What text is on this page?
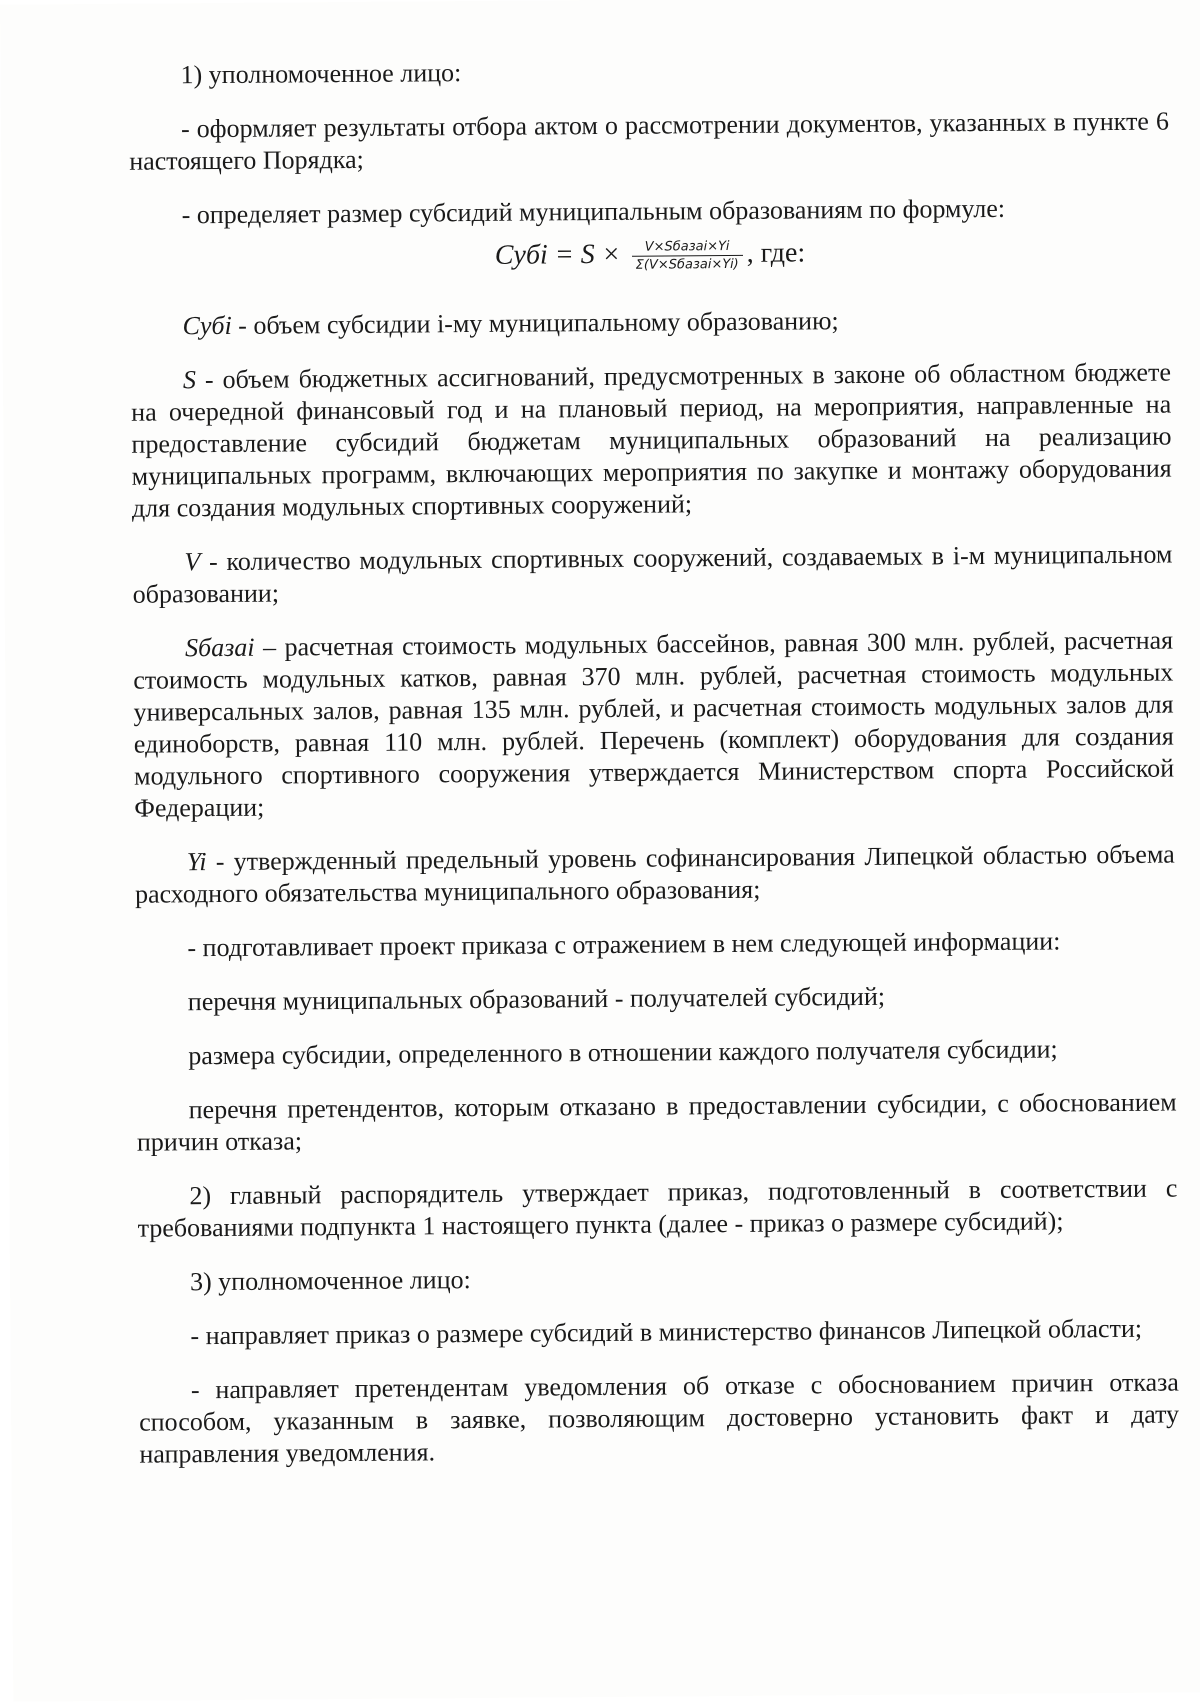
1) уполномоченное лицо:

- оформляет результаты отбора актом о рассмотрении документов, указанных в пункте 6 настоящего Порядка;

- определяет размер субсидий муниципальным образованиям по формуле:

Субi = $S \times \frac{\text{V×Sбазаi×Yi}}{\text{Σ(V×Sбазаi×Yi)}}$ , где:

Субi - объем субсидии i-му муниципальному образованию;

S - объем бюджетных ассигнований, предусмотренных в законе об областном бюджете на очередной финансовый год и на плановый период, на мероприятия, направленные на предоставление субсидий бюджетам муниципальных образований на реализацию муниципальных программ, включающих мероприятия по закупке и монтажу оборудования для создания модульных спортивных сооружений;

V - количество модульных спортивных сооружений, создаваемых в i-м муниципальном образовании;

Sбазаi – расчетная стоимость модульных бассейнов, равная 300 млн. рублей, расчетная стоимость модульных катков, равная 370 млн. рублей, расчетная стоимость модульных универсальных залов, равная 135 млн. рублей, и расчетная стоимость модульных залов для единоборств, равная 110 млн. рублей. Перечень (комплект) оборудования для создания модульного спортивного сооружения утверждается Министерством спорта Российской Федерации;

Yi - утвержденный предельный уровень софинансирования Липецкой областью объема расходного обязательства муниципального образования;

- подготавливает проект приказа с отражением в нем следующей информации:

перечня муниципальных образований - получателей субсидий;

размера субсидии, определенного в отношении каждого получателя субсидии;

перечня претендентов, которым отказано в предоставлении субсидии, с обоснованием причин отказа;

2) главный распорядитель утверждает приказ, подготовленный в соответствии с требованиями подпункта 1 настоящего пункта (далее - приказ о размере субсидий);

3) уполномоченное лицо:

- направляет приказ о размере субсидий в министерство финансов Липецкой области;

- направляет претендентам уведомления об отказе с обоснованием причин отказа способом, указанным в заявке, позволяющим достоверно установить факт и дату направления уведомления.
